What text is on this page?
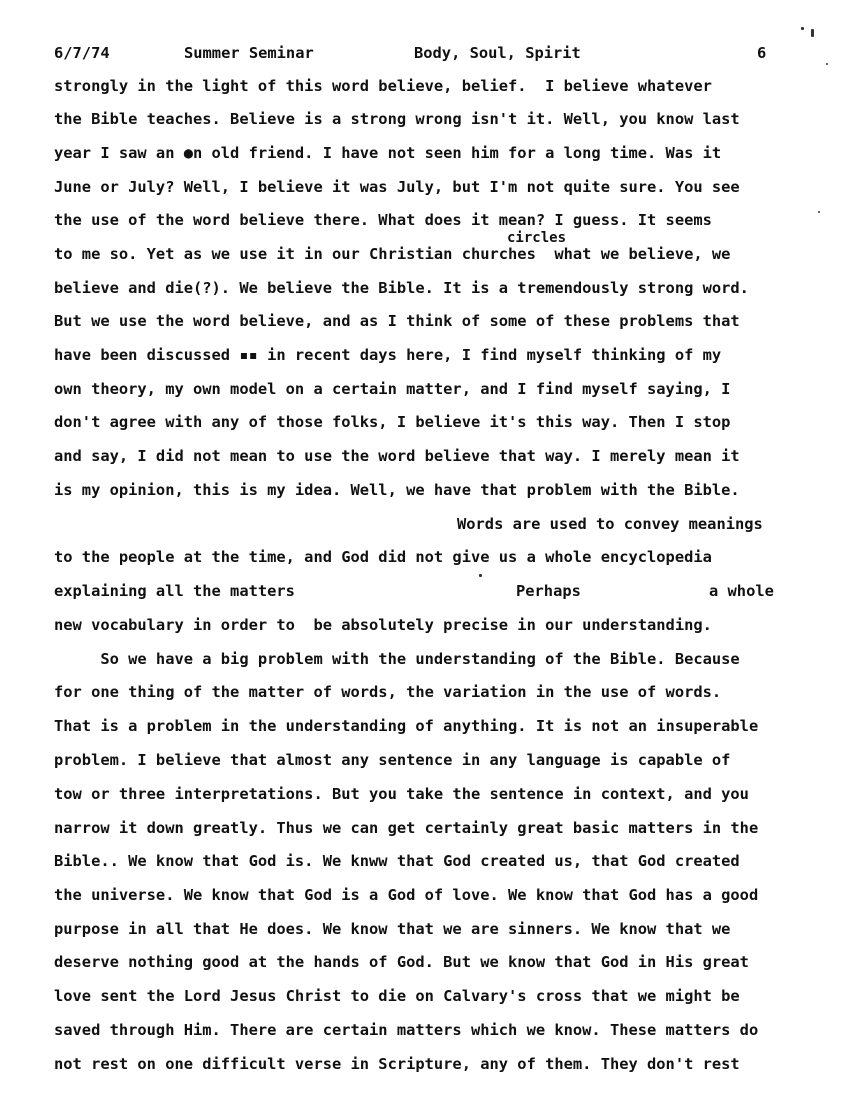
6/7/74	Summer Seminar	Body, Soul, Spirit	6
strongly in the light of this word believe, belief.  I believe whatever
the Bible teaches. Believe is a strong wrong isn't it. Well, you know last
year I saw an ●n old friend. I have not seen him for a long time. Was it
June or July? Well, I believe it was July, but I'm not quite sure. You see
the use of the word believe there. What does it mean? I guess. It seems
circles
to me so. Yet as we use it in our Christian churches  what we believe, we
believe and die(?). We believe the Bible. It is a tremendously strong word.
But we use the word believe, and as I think of some of these problems that
have been discussed ▪▪ in recent days here, I find myself thinking of my
own theory, my own model on a certain matter, and I find myself saying, I
don't agree with any of those folks, I believe it's this way. Then I stop
and say, I did not mean to use the word believe that way. I merely mean it
is my opinion, this is my idea. Well, we have that problem with the Bible.
Words are used to convey meanings
to the people at the time, and God did not give us a whole encyclopedia
explaining all the matters	Perhaps	a whole
new vocabulary in order to  be absolutely precise in our understanding.
So we have a big problem with the understanding of the Bible. Because
for one thing of the matter of words, the variation in the use of words.
That is a problem in the understanding of anything. It is not an insuperable
problem. I believe that almost any sentence in any language is capable of
tow or three interpretations. But you take the sentence in context, and you
narrow it down greatly. Thus we can get certainly great basic matters in the
Bible.. We know that God is. We knww that God created us, that God created
the universe. We know that God is a God of love. We know that God has a good
purpose in all that He does. We know that we are sinners. We know that we
deserve nothing good at the hands of God. But we know that God in His great
love sent the Lord Jesus Christ to die on Calvary's cross that we might be
saved through Him. There are certain matters which we know. These matters do
not rest on one difficult verse in Scripture, any of them. They don't rest
